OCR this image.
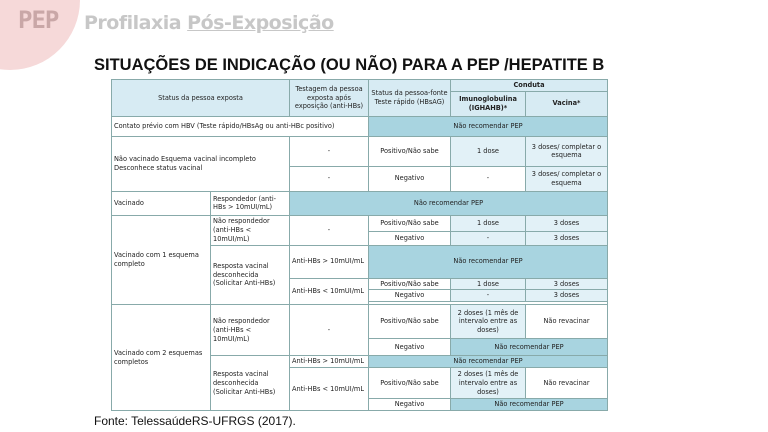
PEP Profilaxia Pós-Exposição
SITUAÇÕES DE INDICAÇÃO (OU NÃO) PARA A PEP /HEPATITE B
Status da pessoa exposta		Testagem da pessoa exposta após exposição (anti-HBs)	Status da pessoa-fonte Teste rápido (HBsAG)	Conduta	
				Imunoglobulina (IGHAHB)*	Vacina*
Contato prévio com HBV (Teste rápido/HBsAg ou anti-HBc positivo)			Não recomendar PEP		
Não vacinado Esquema vacinal incompleto Desconhece status vacinal		-	Positivo/Não sabe	1 dose	3 doses/ completar o esquema
		-	Negativo	-	3 doses/ completar o esquema
Vacinado	Respondedor (anti-HBs > 10mUI/mL)	Não recomendar PEP			
Vacinado com 1 esquema completo	Não respondedor (anti-HBs < 10mUI/mL)	-	Positivo/Não sabe	1 dose	3 doses
			Negativo	-	3 doses
	Resposta vacinal desconhecida (Solicitar Anti-HBs)	Anti-HBs > 10mUI/mL	Não recomendar PEP		
		Anti-HBs < 10mUI/mL	Positivo/Não sabe	1 dose	3 doses
			Negativo	-	3 doses

Vacinado com 2 esquemas completos	Não respondedor (anti-HBs < 10mUI/mL)	-	Positivo/Não sabe	2 doses (1 mês de intervalo entre as doses)	Não revacinar
			Negativo	Não recomendar PEP	
	Resposta vacinal desconhecida (Solicitar Anti-HBs)	Anti-HBs > 10mUI/mL	Não recomendar PEP		
		Anti-HBs < 10mUI/mL	Positivo/Não sabe	2 doses (1 mês de intervalo entre as doses)	Não revacinar
			Negativo	Não recomendar PEP	
Fonte: TelessaúdeRS-UFRGS (2017).
